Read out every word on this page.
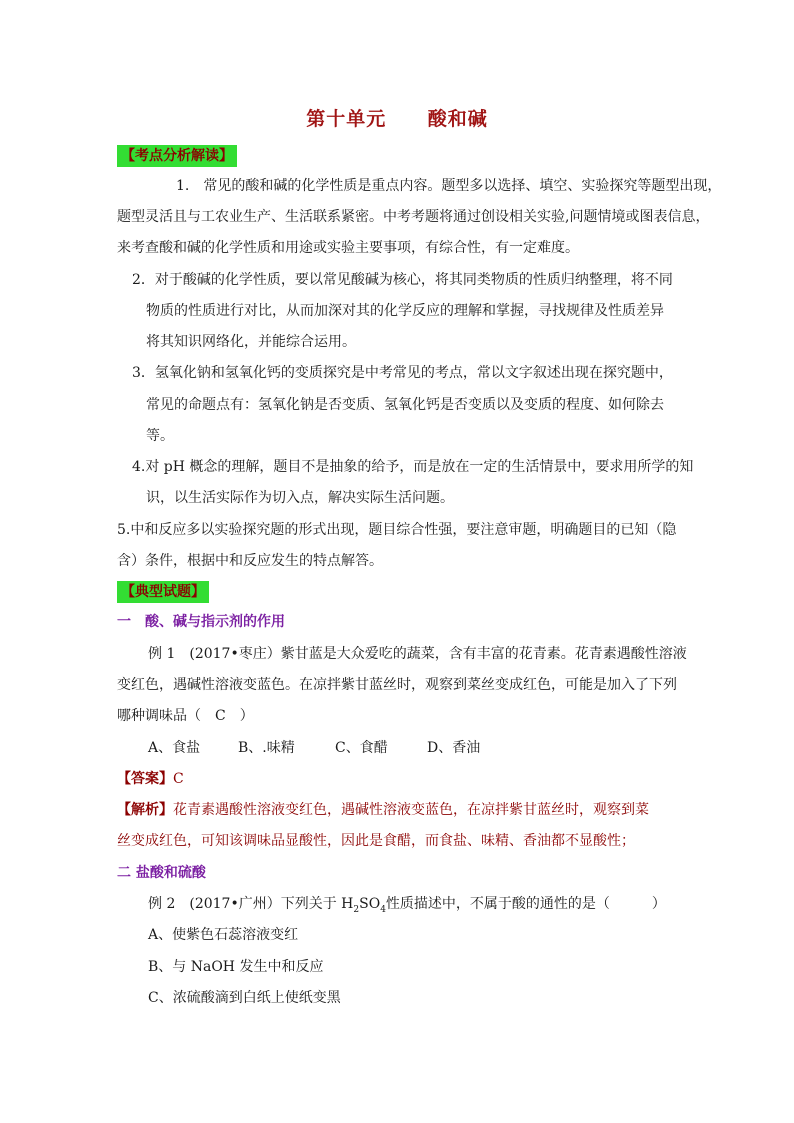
第十单元　 酸和碱
【考点分析解读】
1.　常见的酸和碱的化学性质是重点内容。题型多以选择、填空、实验探究等题型出现，
题型灵活且与工农业生产、生活联系紧密。中考考题将通过创设相关实验,问题情境或图表信息，
来考查酸和碱的化学性质和用途或实验主要事项，有综合性，有一定难度。
2．对于酸碱的化学性质，要以常见酸碱为核心，将其同类物质的性质归纳整理，将不同
物质的性质进行对比，从而加深对其的化学反应的理解和掌握，寻找规律及性质差异
将其知识网络化，并能综合运用。
3．氢氧化钠和氢氧化钙的变质探究是中考常见的考点，常以文字叙述出现在探究题中，
常见的命题点有：氢氧化钠是否变质、氢氧化钙是否变质以及变质的程度、如何除去
等。
4.对 pH 概念的理解，题目不是抽象的给予，而是放在一定的生活情景中，要求用所学的知
识，以生活实际作为切入点，解决实际生活问题。
5.中和反应多以实验探究题的形式出现，题目综合性强，要注意审题，明确题目的已知（隐
含）条件，根据中和反应发生的特点解答。
【典型试题】
一　酸、碱与指示剂的作用
例 1　(2017•枣庄）紫甘蓝是大众爱吃的蔬菜，含有丰富的花青素。花青素遇酸性溶液
变红色，遇碱性溶液变蓝色。在凉拌紫甘蓝丝时，观察到菜丝变成红色，可能是加入了下列
哪种调味品（　C　）
A、食盐	B、.味精	C、食醋	D、香油
【答案】C
【解析】花青素遇酸性溶液变红色，遇碱性溶液变蓝色，在凉拌紫甘蓝丝时，观察到菜
丝变成红色，可知该调味品显酸性，因此是食醋，而食盐、味精、香油都不显酸性；
二 盐酸和硫酸
例 2　(2017•广州）下列关于 $H_2SO_4$性质描述中，不属于酸的通性的是（　　　）
A、使紫色石蕊溶液变红
B、与 NaOH 发生中和反应
C、浓硫酸滴到白纸上使纸变黑
